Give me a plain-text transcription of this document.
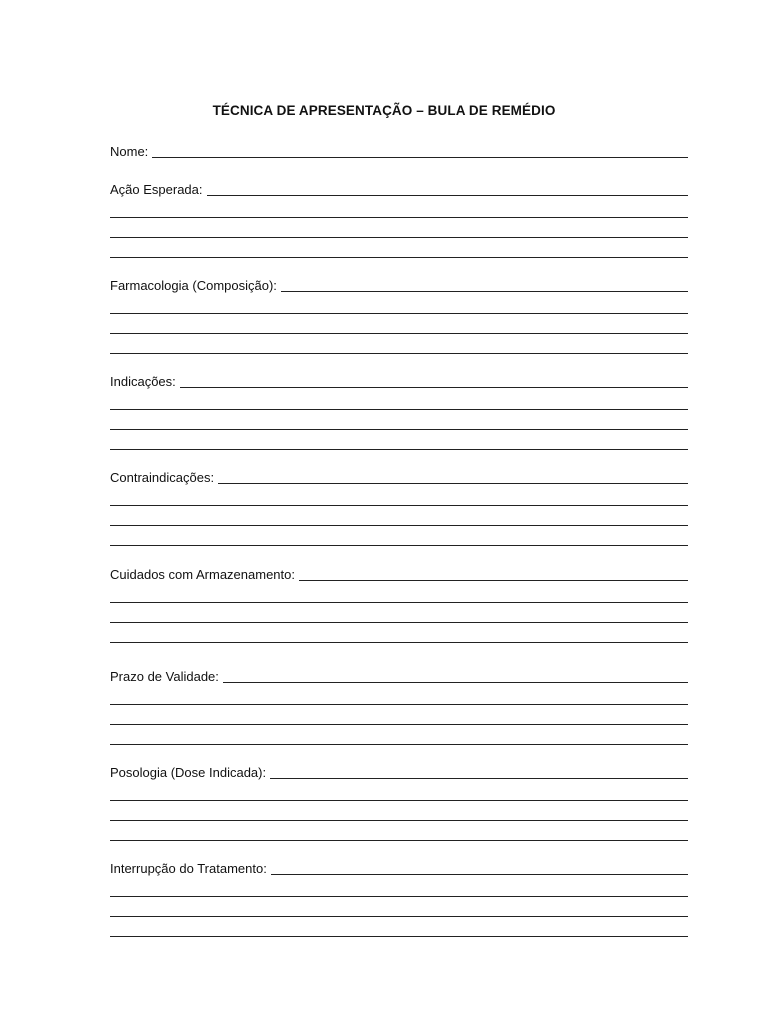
TÉCNICA DE APRESENTAÇÃO – BULA DE REMÉDIO
Nome:
Ação Esperada:
Farmacologia (Composição):
Indicações:
Contraindicações:
Cuidados com Armazenamento:
Prazo de Validade:
Posologia (Dose Indicada):
Interrupção do Tratamento:
